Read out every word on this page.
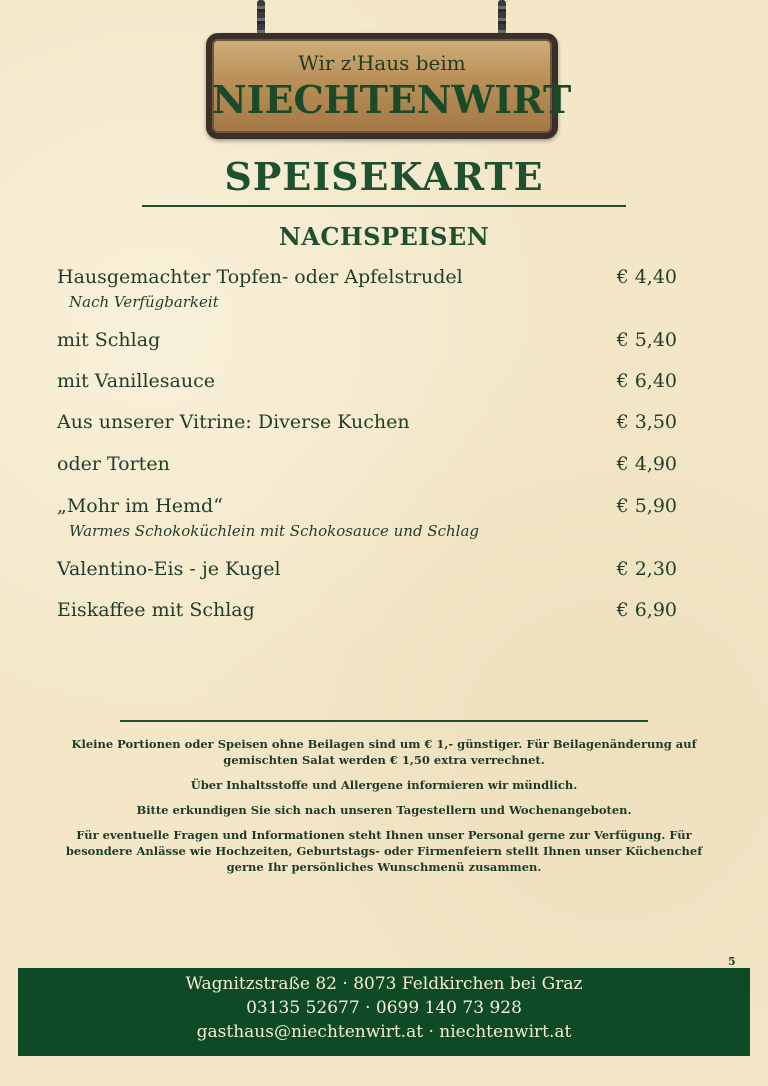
Wir z'Haus beim
NIECHTENWIRT
SPEISEKARTE
NACHSPEISEN
Hausgemachter Topfen- oder Apfelstrudel	€ 4,40
Nach Verfügbarkeit
mit Schlag	€ 5,40
mit Vanillesauce	€ 6,40
Aus unserer Vitrine: Diverse Kuchen	€ 3,50
oder Torten	€ 4,90
„Mohr im Hemd“	€ 5,90
Warmes Schokoküchlein mit Schokosauce und Schlag
Valentino-Eis - je Kugel	€ 2,30
Eiskaffee mit Schlag	€ 6,90

Kleine Portionen oder Speisen ohne Beilagen sind um € 1,- günstiger. Für Beilagenänderung auf gemischten Salat werden € 1,50 extra verrechnet.

Über Inhaltsstoffe und Allergene informieren wir mündlich.

Bitte erkundigen Sie sich nach unseren Tagestellern und Wochenangeboten.

Für eventuelle Fragen und Informationen steht Ihnen unser Personal gerne zur Verfügung. Für besondere Anlässe wie Hochzeiten, Geburtstags- oder Firmenfeiern stellt Ihnen unser Küchenchef gerne Ihr persönliches Wunschmenü zusammen.

5
Wagnitzstraße 82 · 8073 Feldkirchen bei Graz
03135 52677 · 0699 140 73 928
gasthaus@niechtenwirt.at · niechtenwirt.at
